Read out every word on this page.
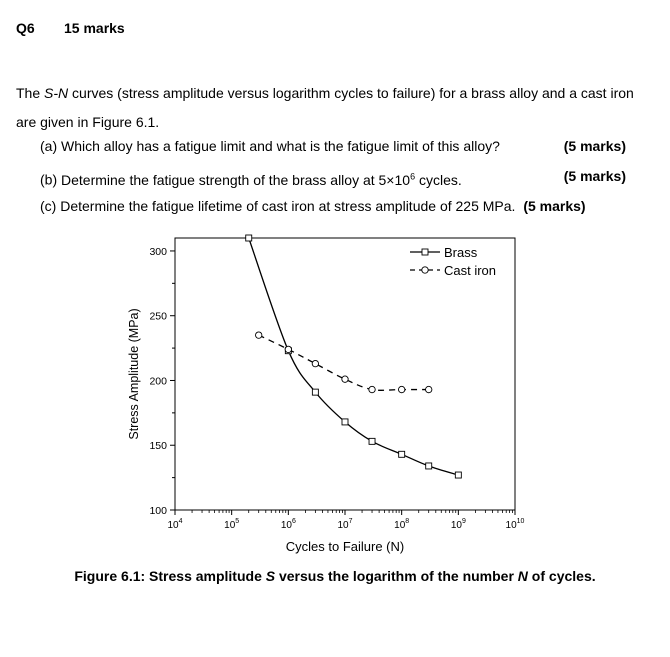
Q6 15 marks
The S-N curves (stress amplitude versus logarithm cycles to failure) for a brass alloy and a cast iron are given in Figure 6.1.
(a) Which alloy has a fatigue limit and what is the fatigue limit of this alloy?	(5 marks)
(b) Determine the fatigue strength of the brass alloy at $5\times 10^6$ cycles.	(5 marks)
(c) Determine the fatigue lifetime of cast iron at stress amplitude of 225 MPa. (5 marks)
100
150
200
250
300
$10^4$	$10^5$	$10^6$	$10^7$	$10^8$	$10^9$	$10^{10}$
Cycles to Failure (N)
Stress Amplitude (MPa)
Brass
Cast iron
Figure 6.1: Stress amplitude S versus the logarithm of the number N of cycles.
